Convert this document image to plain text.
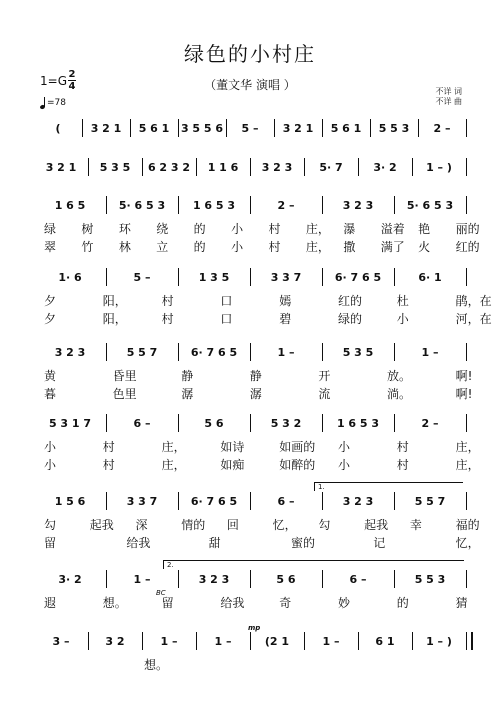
绿色的小村庄
（董文华 演唱 ）
$1=G \frac{2}{4}$
=78
不详 词
不详 曲
(	3 2 1	5 6 1	3 5 5 6	5 –	3 2 1	5 6 1	5 5 3	2 –
3 2 1	5 3 5	6 2 3 2	1 1 6	3 2 3	5· 7	3· 2	1 – )
1 6 5	5· 6 5 3	1 6 5 3	2 –	3 2 3	5· 6 5 3
绿	树	环	绕	的	小	村	庄，	瀑	溢着	艳	丽的
翠	竹	林	立	的	小	村	庄，	撒	满了	火	红的
1· 6	5 –	1 3 5	3 3 7	6· 7 6 5	6· 1
夕	阳，	村	口	嫣	红的	杜	鹃，在
夕	阳，	村	口	碧	绿的	小	河，在
3 2 3	5 5 7	6· 7 6 5	1 –	5 3 5	1 –
黄	昏里	静	静	开	放。	啊!
暮	色里	潺	潺	流	淌。	啊!
5 3 1 7	6 –	5 6	5 3 2	1 6 5 3	2 –
小	村	庄，	如诗	如画的	小	村	庄，
小	村	庄，	如痴	如醉的	小	村	庄，
1 5 6	3 3 7	6· 7 6 5	6 –	3 2 3	5 5 7
勾	起我	深	情的	回	忆，	勾	起我	幸	福的
留	给我	甜	蜜的	记	忆，
3· 2	1 –	3 2 3	5 6	6 –	5 5 3
遐	想。	留	给我	奇	妙	的	猜
3 –	3 2	1 –	1 –	(2 1	1 –	6 1	1 – )
想。
1.
2.
BC
mp
